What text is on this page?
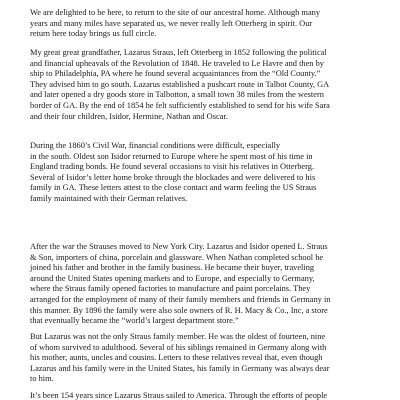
We are delighted to be here, to return to the site of our ancestral home. Although many
years and many miles have separated us, we never really left Otterberg in spirit. Our
return here today brings us full circle.

My great great grandfather, Lazarus Straus, left Otterberg in 1852 following the political
and financial upheavals of the Revolution of 1848. He traveled to Le Havre and then by
ship to Philadelphia, PA where he found several acquaintances from the “Old County.”
They advised him to go south. Lazarus established a pushcart route in Talbot County, GA
and later opened a dry goods store in Talbotton, a small town 38 miles from the western
border of GA. By the end of 1854 he felt sufficiently established to send for his wife Sara
and their four children, Isidor, Hermine, Nathan and Oscar.

During the 1860’s Civil War, financial conditions were difficult, especially
in the south. Oldest son Isidor returned to Europe where he spent most of his time in
England trading bonds. He found several occasions to visit his relatives in Otterberg.
Several of Isidor’s letter home broke through the blockades and were delivered to his
family in GA. These letters attest to the close contact and warm feeling the US Straus
family maintained with their German relatives.

After the war the Strauses moved to New York City. Lazarus and Isidor opened L. Straus
& Son, importers of china, porcelain and glassware. When Nathan completed school he
joined his father and brother in the family business. He became their buyer, traveling
around the United States opening markets and to Europe, and especially to Germany,
where the Straus family opened factories to manufacture and paint porcelains. They
arranged for the employment of many of their family members and friends in Germany in
this manner. By 1896 the family were also sole owners of R. H. Macy & Co., Inc, a store
that eventually became the “world’s largest department store.”

But Lazarus was not the only Straus family member. He was the oldest of fourteen, nine
of whom survived to adulthood. Several of his siblings remained in Germany along with
his mother, aunts, uncles and cousins. Letters to these relatives reveal that, even though
Lazarus and his family were in the United States, his family in Germany was always dear
to him.

It’s been 154 years since Lazarus Straus sailed to America. Through the efforts of people
